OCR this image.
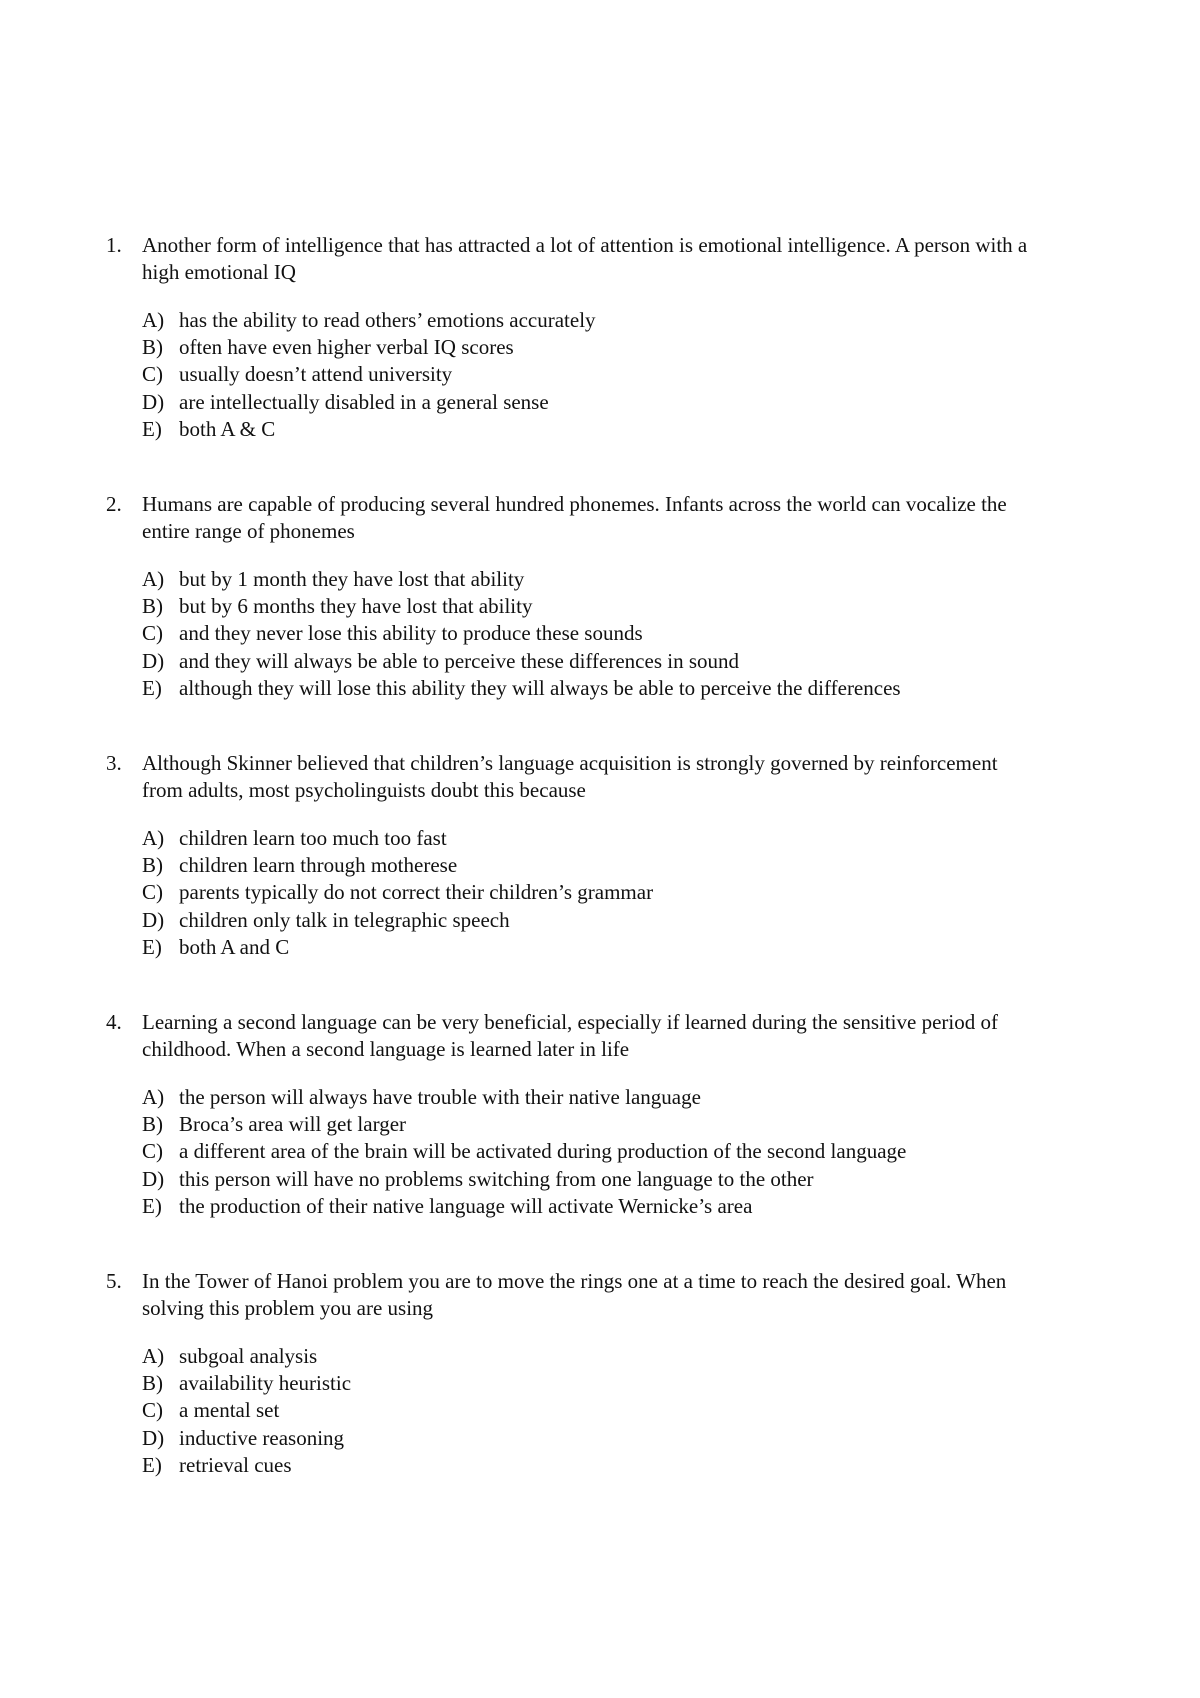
1. Another form of intelligence that has attracted a lot of attention is emotional intelligence. A person with a high emotional IQ
A) has the ability to read others’ emotions accurately
B) often have even higher verbal IQ scores
C) usually doesn’t attend university
D) are intellectually disabled in a general sense
E) both A & C
2. Humans are capable of producing several hundred phonemes. Infants across the world can vocalize the entire range of phonemes
A) but by 1 month they have lost that ability
B) but by 6 months they have lost that ability
C) and they never lose this ability to produce these sounds
D) and they will always be able to perceive these differences in sound
E) although they will lose this ability they will always be able to perceive the differences
3. Although Skinner believed that children’s language acquisition is strongly governed by reinforcement from adults, most psycholinguists doubt this because
A) children learn too much too fast
B) children learn through motherese
C) parents typically do not correct their children’s grammar
D) children only talk in telegraphic speech
E) both A and C
4. Learning a second language can be very beneficial, especially if learned during the sensitive period of childhood. When a second language is learned later in life
A) the person will always have trouble with their native language
B) Broca’s area will get larger
C) a different area of the brain will be activated during production of the second language
D) this person will have no problems switching from one language to the other
E) the production of their native language will activate Wernicke’s area
5. In the Tower of Hanoi problem you are to move the rings one at a time to reach the desired goal. When solving this problem you are using
A) subgoal analysis
B) availability heuristic
C) a mental set
D) inductive reasoning
E) retrieval cues
